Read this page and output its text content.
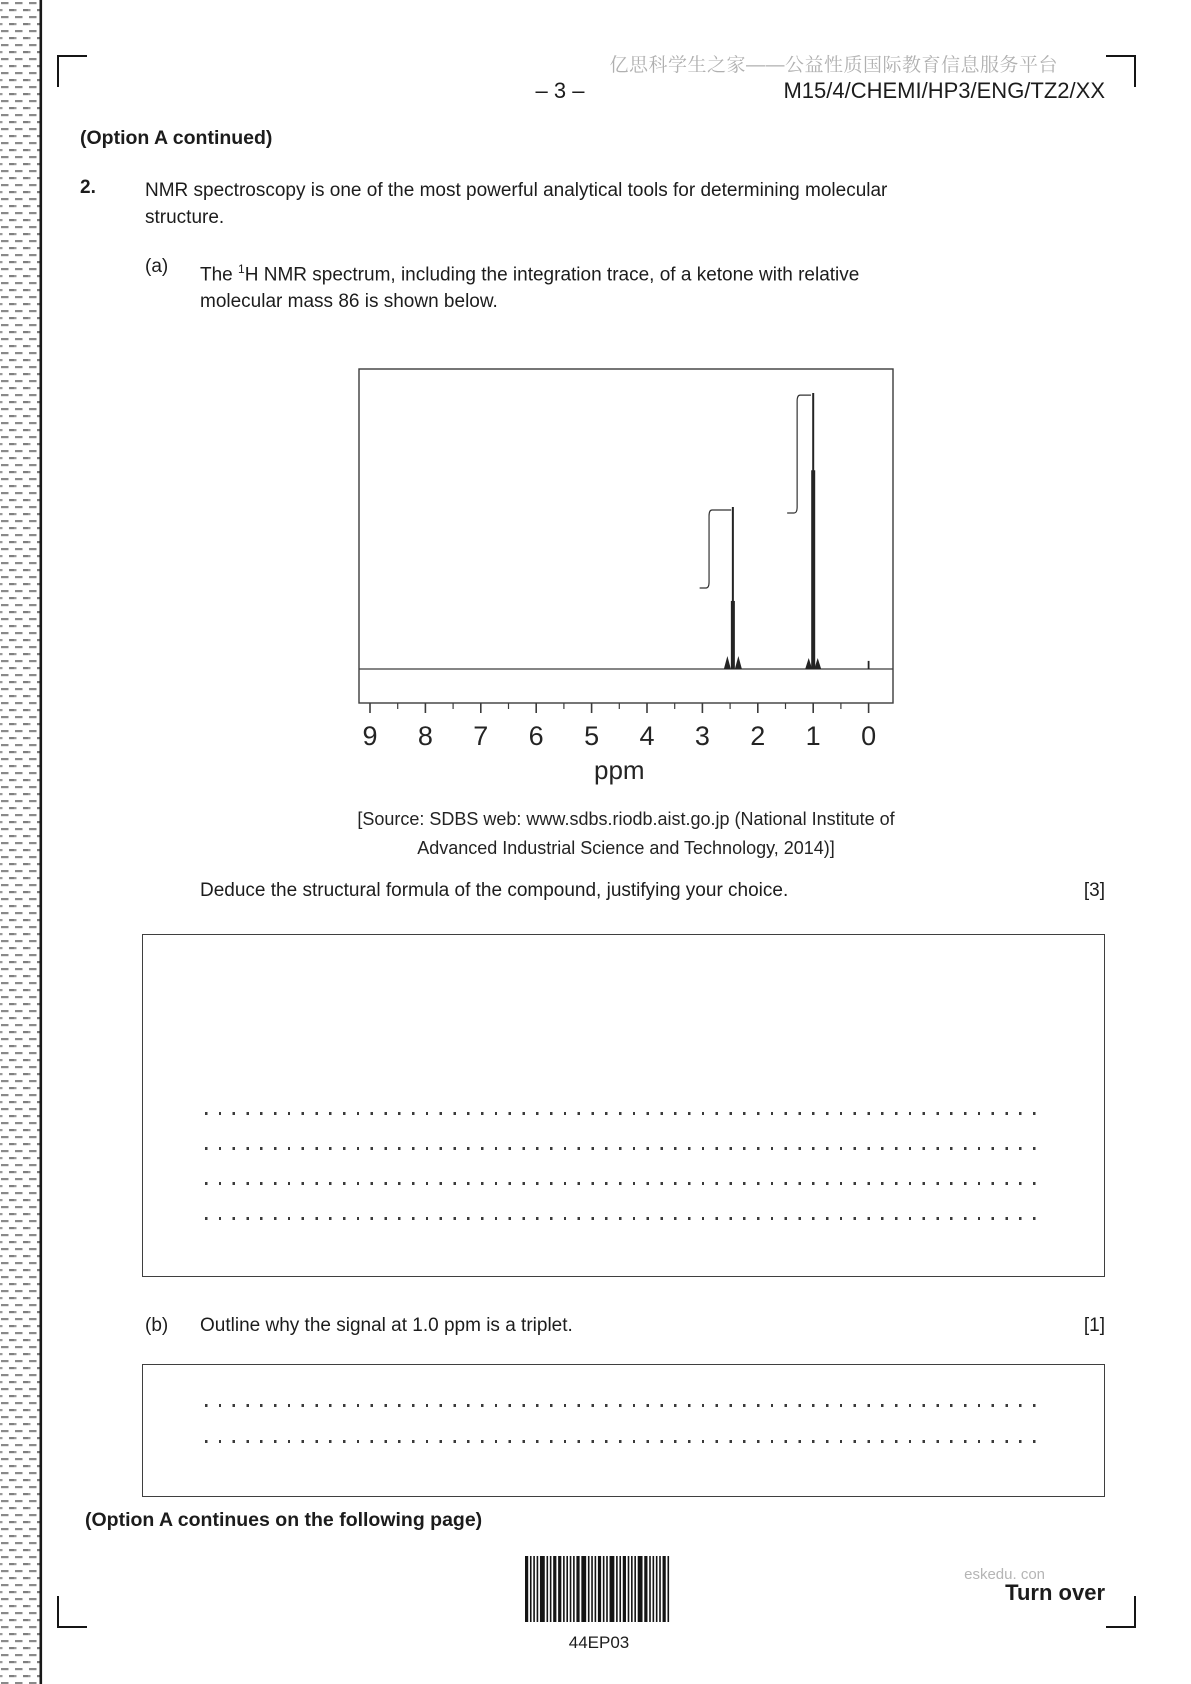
亿思科学生之家——公益性质国际教育信息服务平台
– 3 –	M15/4/CHEMI/HP3/ENG/TZ2/XX
(Option A continued)
2.	NMR spectroscopy is one of the most powerful analytical tools for determining molecular
structure.
(a) The $^1$H NMR spectrum, including the integration trace, of a ketone with relative
molecular mass 86 is shown below.
9 8 7 6 5 4 3 2 1 0
ppm
[Source: SDBS web: www.sdbs.riodb.aist.go.jp (National Institute of
Advanced Industrial Science and Technology, 2014)]
Deduce the structural formula of the compound, justifying your choice.	[3]
(b) Outline why the signal at 1.0 ppm is a triplet.	[1]
(Option A continues on the following page)
44EP03
eskedu. con
Turn over
